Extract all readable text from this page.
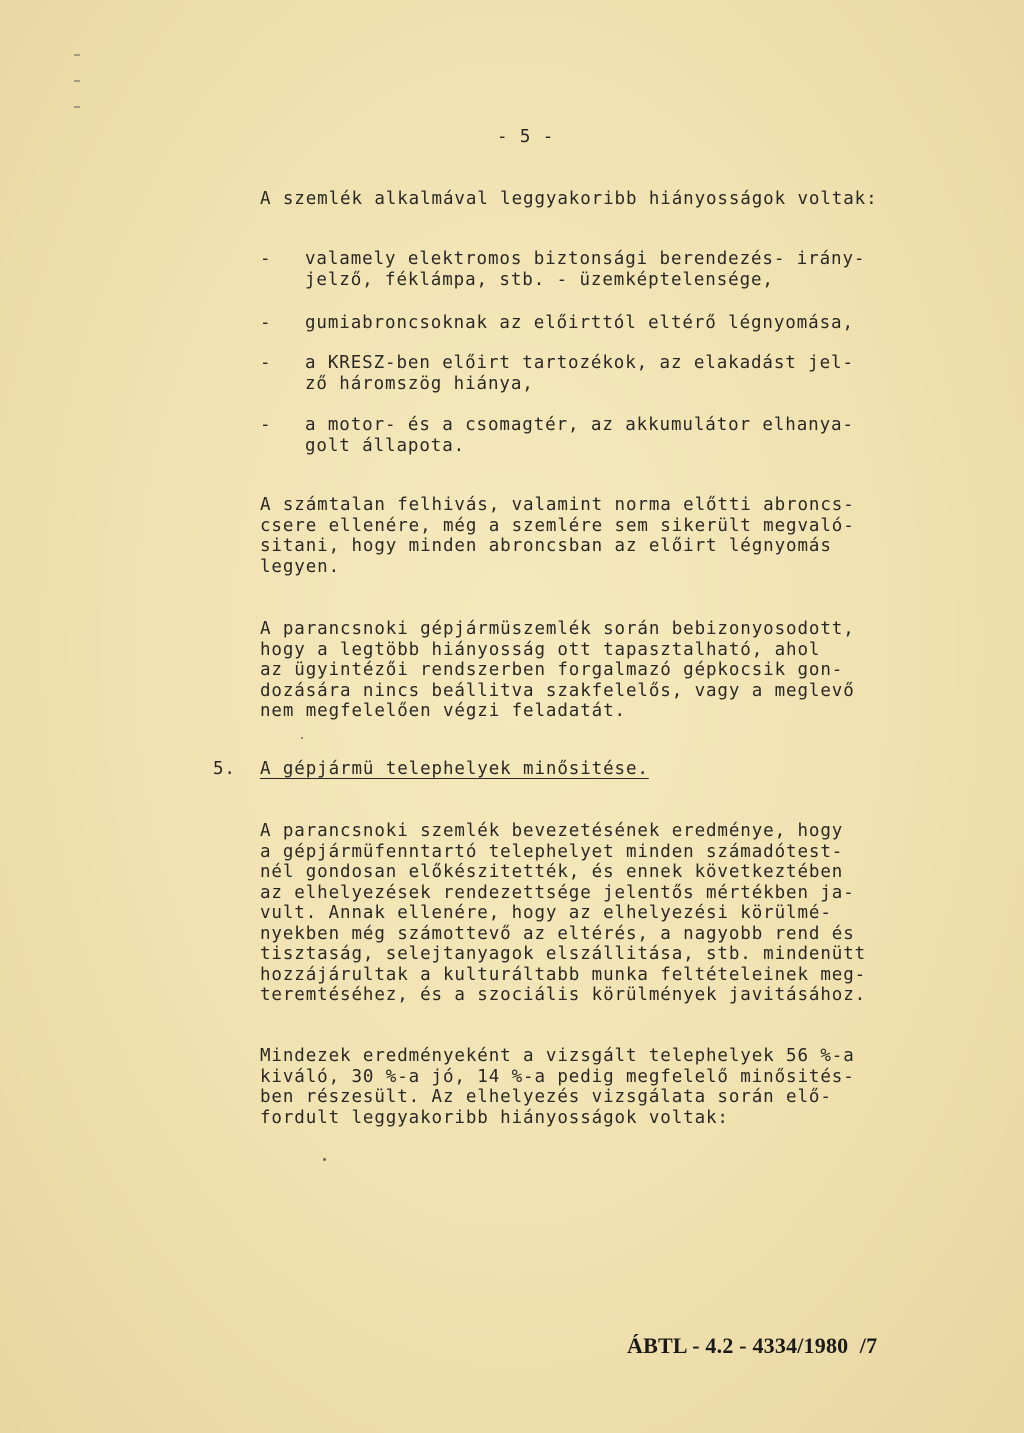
- 5 -
A szemlék alkalmával leggyakoribb hiányosságok voltak:
- valamely elektromos biztonsági berendezés- irány-
jelző, féklámpa, stb. - üzemképtelensége,
- gumiabroncsoknak az előirttól eltérő légnyomása,
- a KRESZ-ben előirt tartozékok, az elakadást jel-
ző háromszög hiánya,
- a motor- és a csomagtér, az akkumulátor elhanya-
golt állapota.
A számtalan felhivás, valamint norma előtti abroncs-
csere ellenére, még a szemlére sem sikerült megvaló-
sitani, hogy minden abroncsban az előirt légnyomás
legyen.
A parancsnoki gépjármüszemlék során bebizonyosodott,
hogy a legtöbb hiányosság ott tapasztalható, ahol
az ügyintézői rendszerben forgalmazó gépkocsik gon-
dozására nincs beállitva szakfelelős, vagy a meglevő
nem megfelelően végzi feladatát.
5. A gépjármü telephelyek minősitése.
A parancsnoki szemlék bevezetésének eredménye, hogy
a gépjármüfenntartó telephelyet minden számadótest-
nél gondosan előkészitették, és ennek következtében
az elhelyezések rendezettsége jelentős mértékben ja-
vult. Annak ellenére, hogy az elhelyezési körülmé-
nyekben még számottevő az eltérés, a nagyobb rend és
tisztaság, selejtanyagok elszállitása, stb. mindenütt
hozzájárultak a kulturáltabb munka feltételeinek meg-
teremtéséhez, és a szociális körülmények javitásához.
Mindezek eredményeként a vizsgált telephelyek 56 %-a
kiváló, 30 %-a jó, 14 %-a pedig megfelelő minősités-
ben részesült. Az elhelyezés vizsgálata során elő-
fordult leggyakoribb hiányosságok voltak:
ÁBTL - 4.2 - 4334/1980  /7
